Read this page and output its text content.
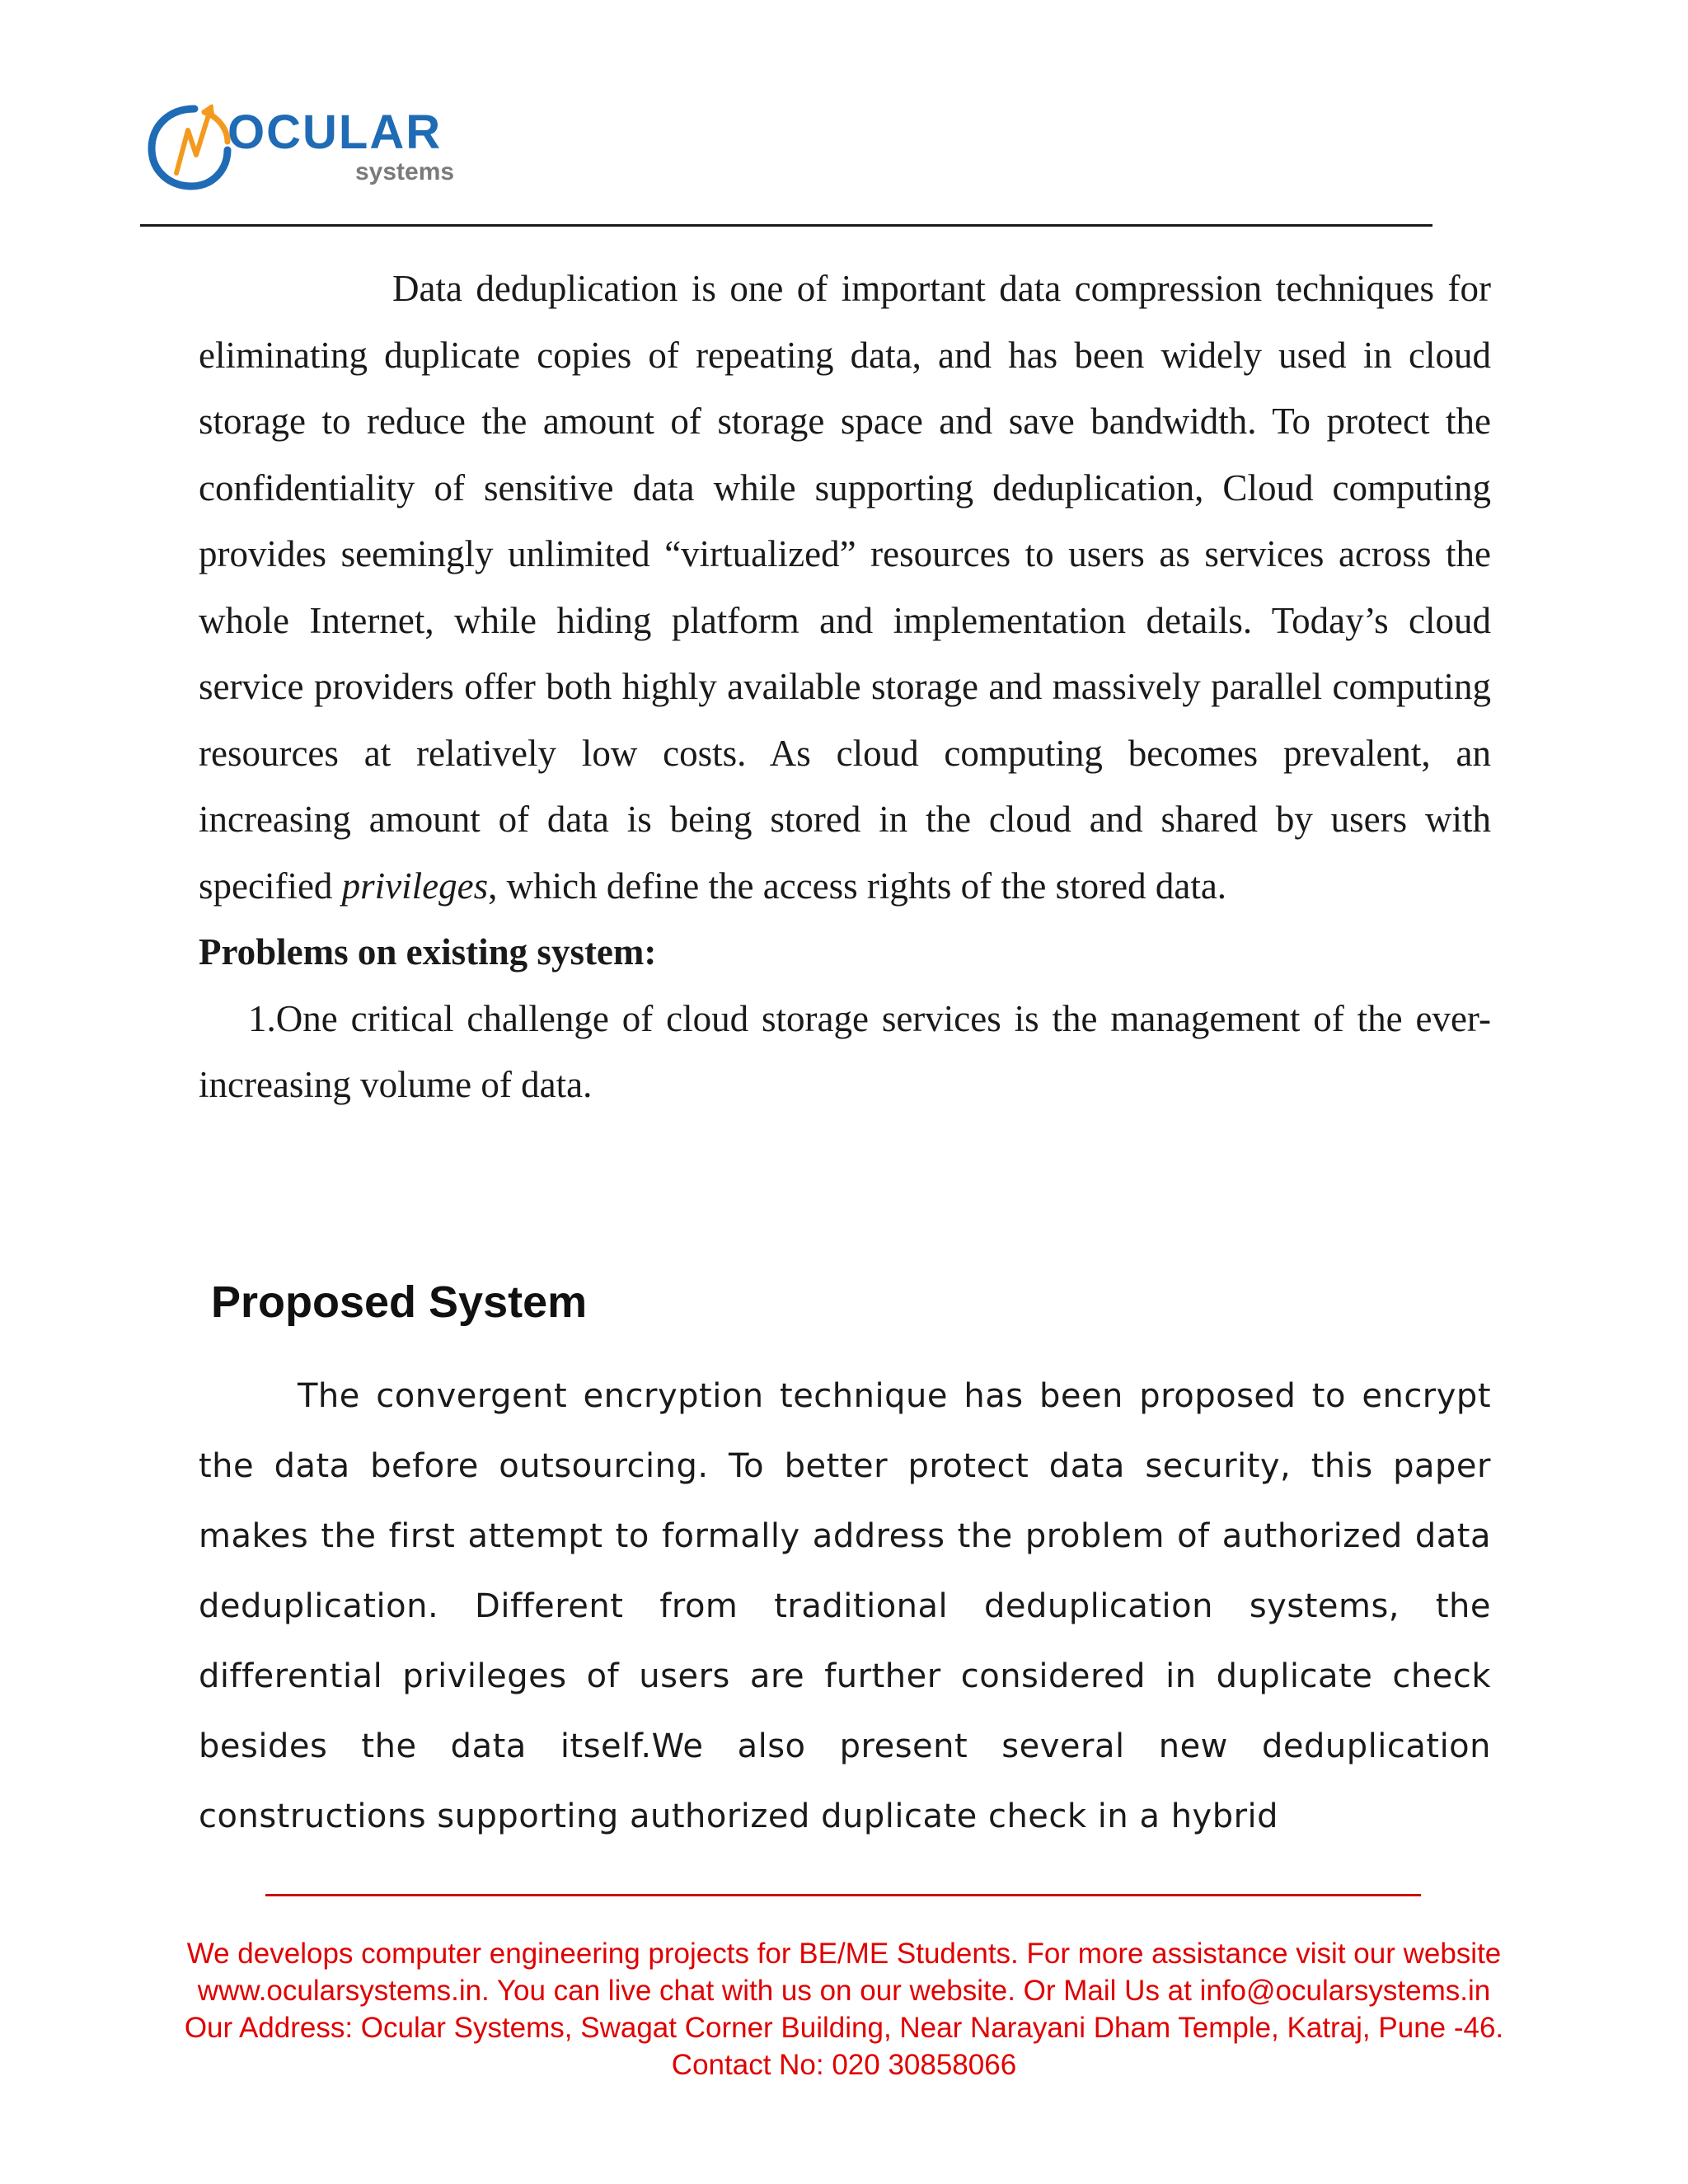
OCULAR
systems

Data deduplication is one of important data compression techniques for eliminating duplicate copies of repeating data, and has been widely used in cloud storage to reduce the amount of storage space and save bandwidth. To protect the confidentiality of sensitive data while supporting deduplication, Cloud computing provides seemingly unlimited “virtualized” resources to users as services across the whole Internet, while hiding platform and implementation details. Today’s cloud service providers offer both highly available storage and massively parallel computing resources at relatively low costs. As cloud computing becomes prevalent, an increasing amount of data is being stored in the cloud and shared by users with specified privileges, which define the access rights of the stored data.

Problems on existing system:

1.One critical challenge of cloud storage services is the management of the ever-increasing volume of data.

Proposed System

The convergent encryption technique has been proposed to encrypt the data before outsourcing. To better protect data security, this paper makes the first attempt to formally address the problem of authorized data deduplication. Different from traditional deduplication systems, the differential privileges of users are further considered in duplicate check besides the data itself.We also present several new deduplication constructions supporting authorized duplicate check in a hybrid

We develops computer engineering projects for BE/ME Students. For more assistance visit our website
www.ocularsystems.in. You can live chat with us on our website. Or Mail Us at info@ocularsystems.in
Our Address: Ocular Systems, Swagat Corner Building, Near Narayani Dham Temple, Katraj, Pune -46.
Contact No: 020 30858066
